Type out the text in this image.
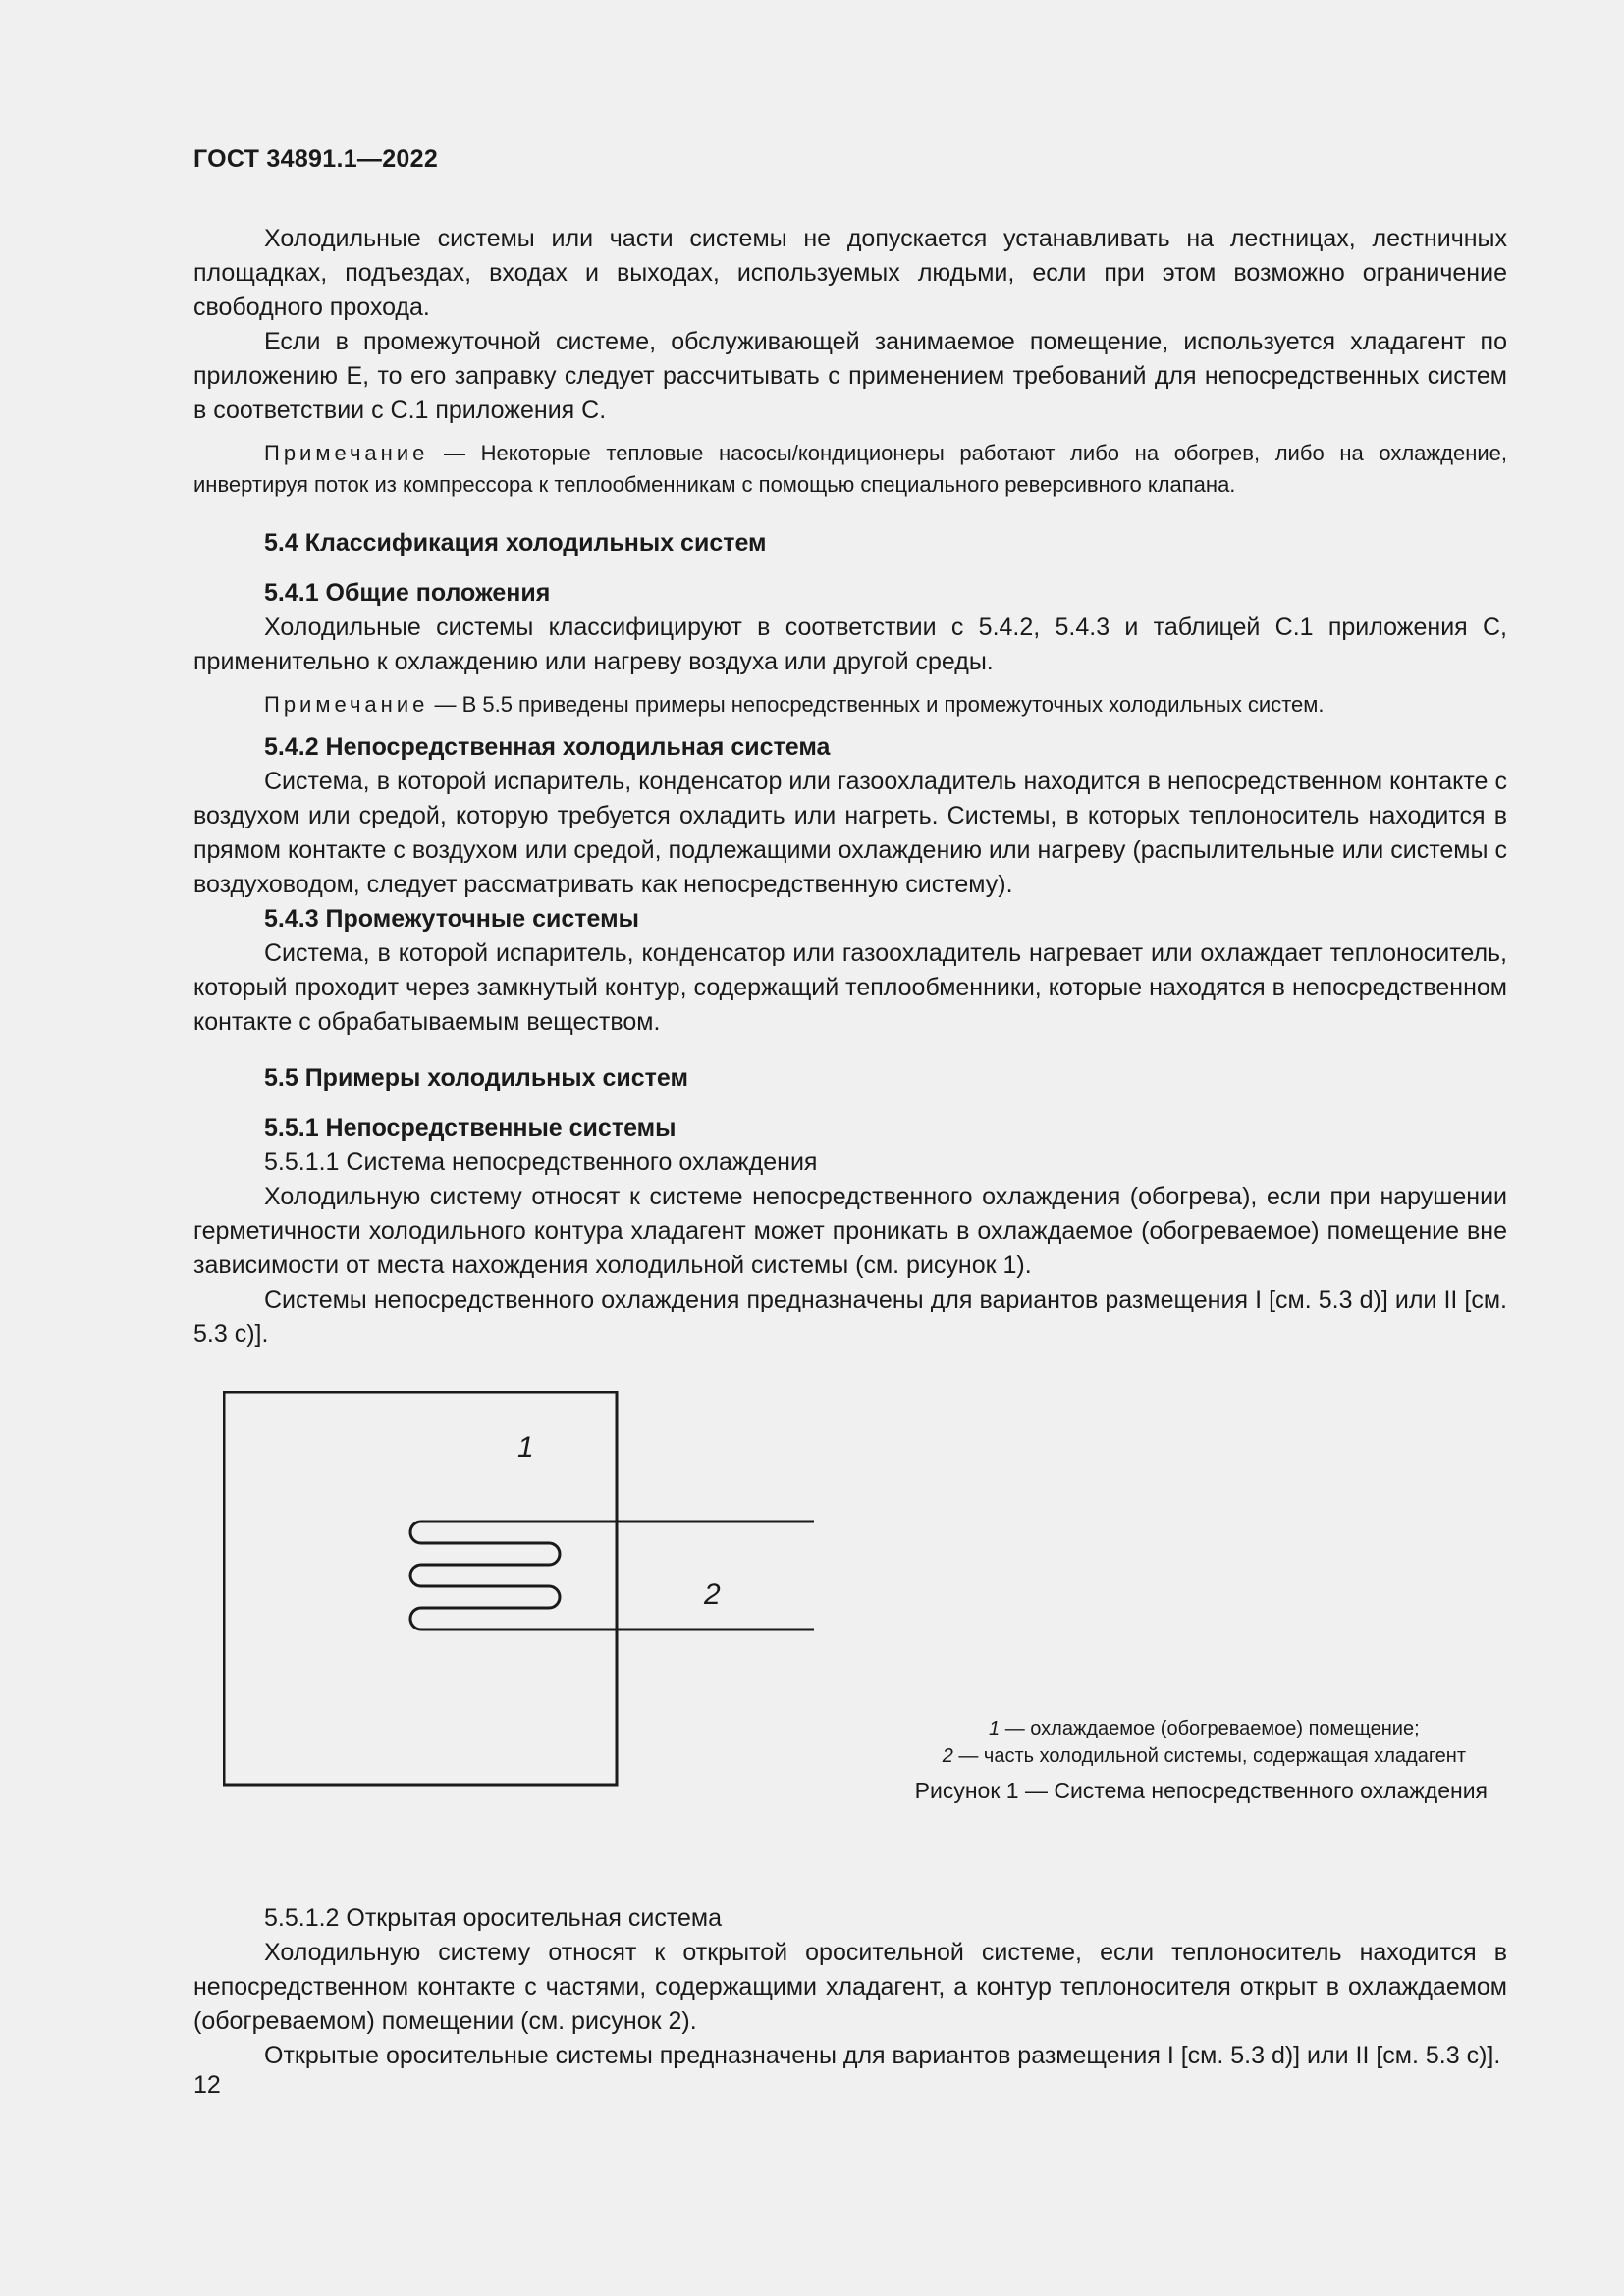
ГОСТ 34891.1—2022

Холодильные системы или части системы не допускается устанавливать на лестницах, лестничных площадках, подъездах, входах и выходах, используемых людьми, если при этом возможно ограничение свободного прохода.

Если в промежуточной системе, обслуживающей занимаемое помещение, используется хладагент по приложению Е, то его заправку следует рассчитывать с применением требований для непосредственных систем в соответствии с С.1 приложения С.

Примечание — Некоторые тепловые насосы/кондиционеры работают либо на обогрев, либо на охлаждение, инвертируя поток из компрессора к теплообменникам с помощью специального реверсивного клапана.

5.4 Классификация холодильных систем
5.4.1 Общие положения

Холодильные системы классифицируют в соответствии с 5.4.2, 5.4.3 и таблицей С.1 приложения С, применительно к охлаждению или нагреву воздуха или другой среды.

Примечание — В 5.5 приведены примеры непосредственных и промежуточных холодильных систем.

5.4.2 Непосредственная холодильная система

Система, в которой испаритель, конденсатор или газоохладитель находится в непосредственном контакте с воздухом или средой, которую требуется охладить или нагреть. Системы, в которых теплоноситель находится в прямом контакте с воздухом или средой, подлежащими охлаждению или нагреву (распылительные или системы с воздуховодом, следует рассматривать как непосредственную систему).

5.4.3 Промежуточные системы

Система, в которой испаритель, конденсатор или газоохладитель нагревает или охлаждает теплоноситель, который проходит через замкнутый контур, содержащий теплообменники, которые находятся в непосредственном контакте с обрабатываемым веществом.

5.5 Примеры холодильных систем
5.5.1 Непосредственные системы

5.5.1.1 Система непосредственного охлаждения

Холодильную систему относят к системе непосредственного охлаждения (обогрева), если при нарушении герметичности холодильного контура хладагент может проникать в охлаждаемое (обогреваемое) помещение вне зависимости от места нахождения холодильной системы (см. рисунок 1).

Системы непосредственного охлаждения предназначены для вариантов размещения I [см. 5.3 d)] или II [см. 5.3 с)].

1
2
1 — охлаждаемое (обогреваемое) помещение;
2 — часть холодильной системы, содержащая хладагент
Рисунок 1 — Система непосредственного охлаждения

5.5.1.2 Открытая оросительная система

Холодильную систему относят к открытой оросительной системе, если теплоноситель находится в непосредственном контакте с частями, содержащими хладагент, а контур теплоносителя открыт в охлаждаемом (обогреваемом) помещении (см. рисунок 2).

Открытые оросительные системы предназначены для вариантов размещения I [см. 5.3 d)] или II [см. 5.3 с)].

12
